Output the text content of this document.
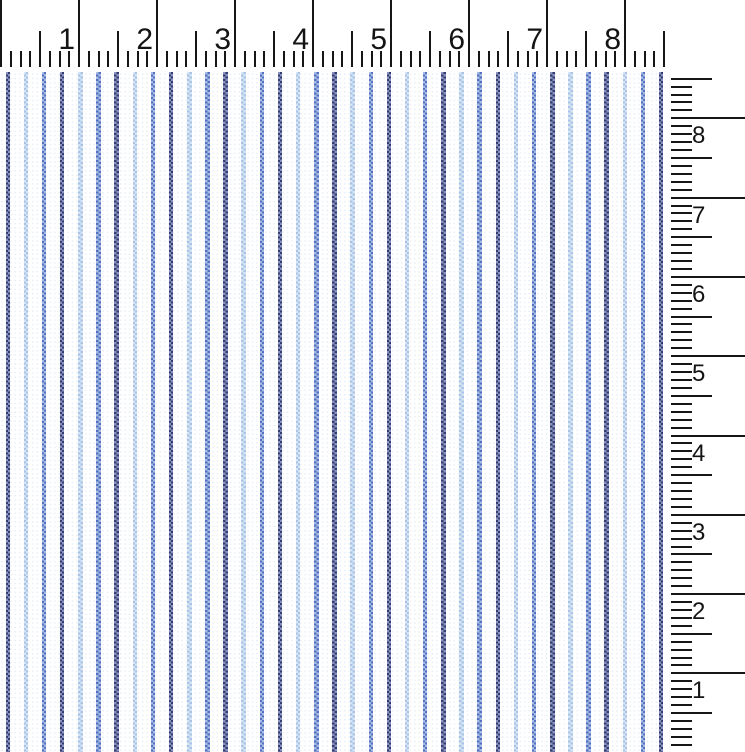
1 2 3 4 5 6 7 8
8
7
6
5
4
3
2
1
